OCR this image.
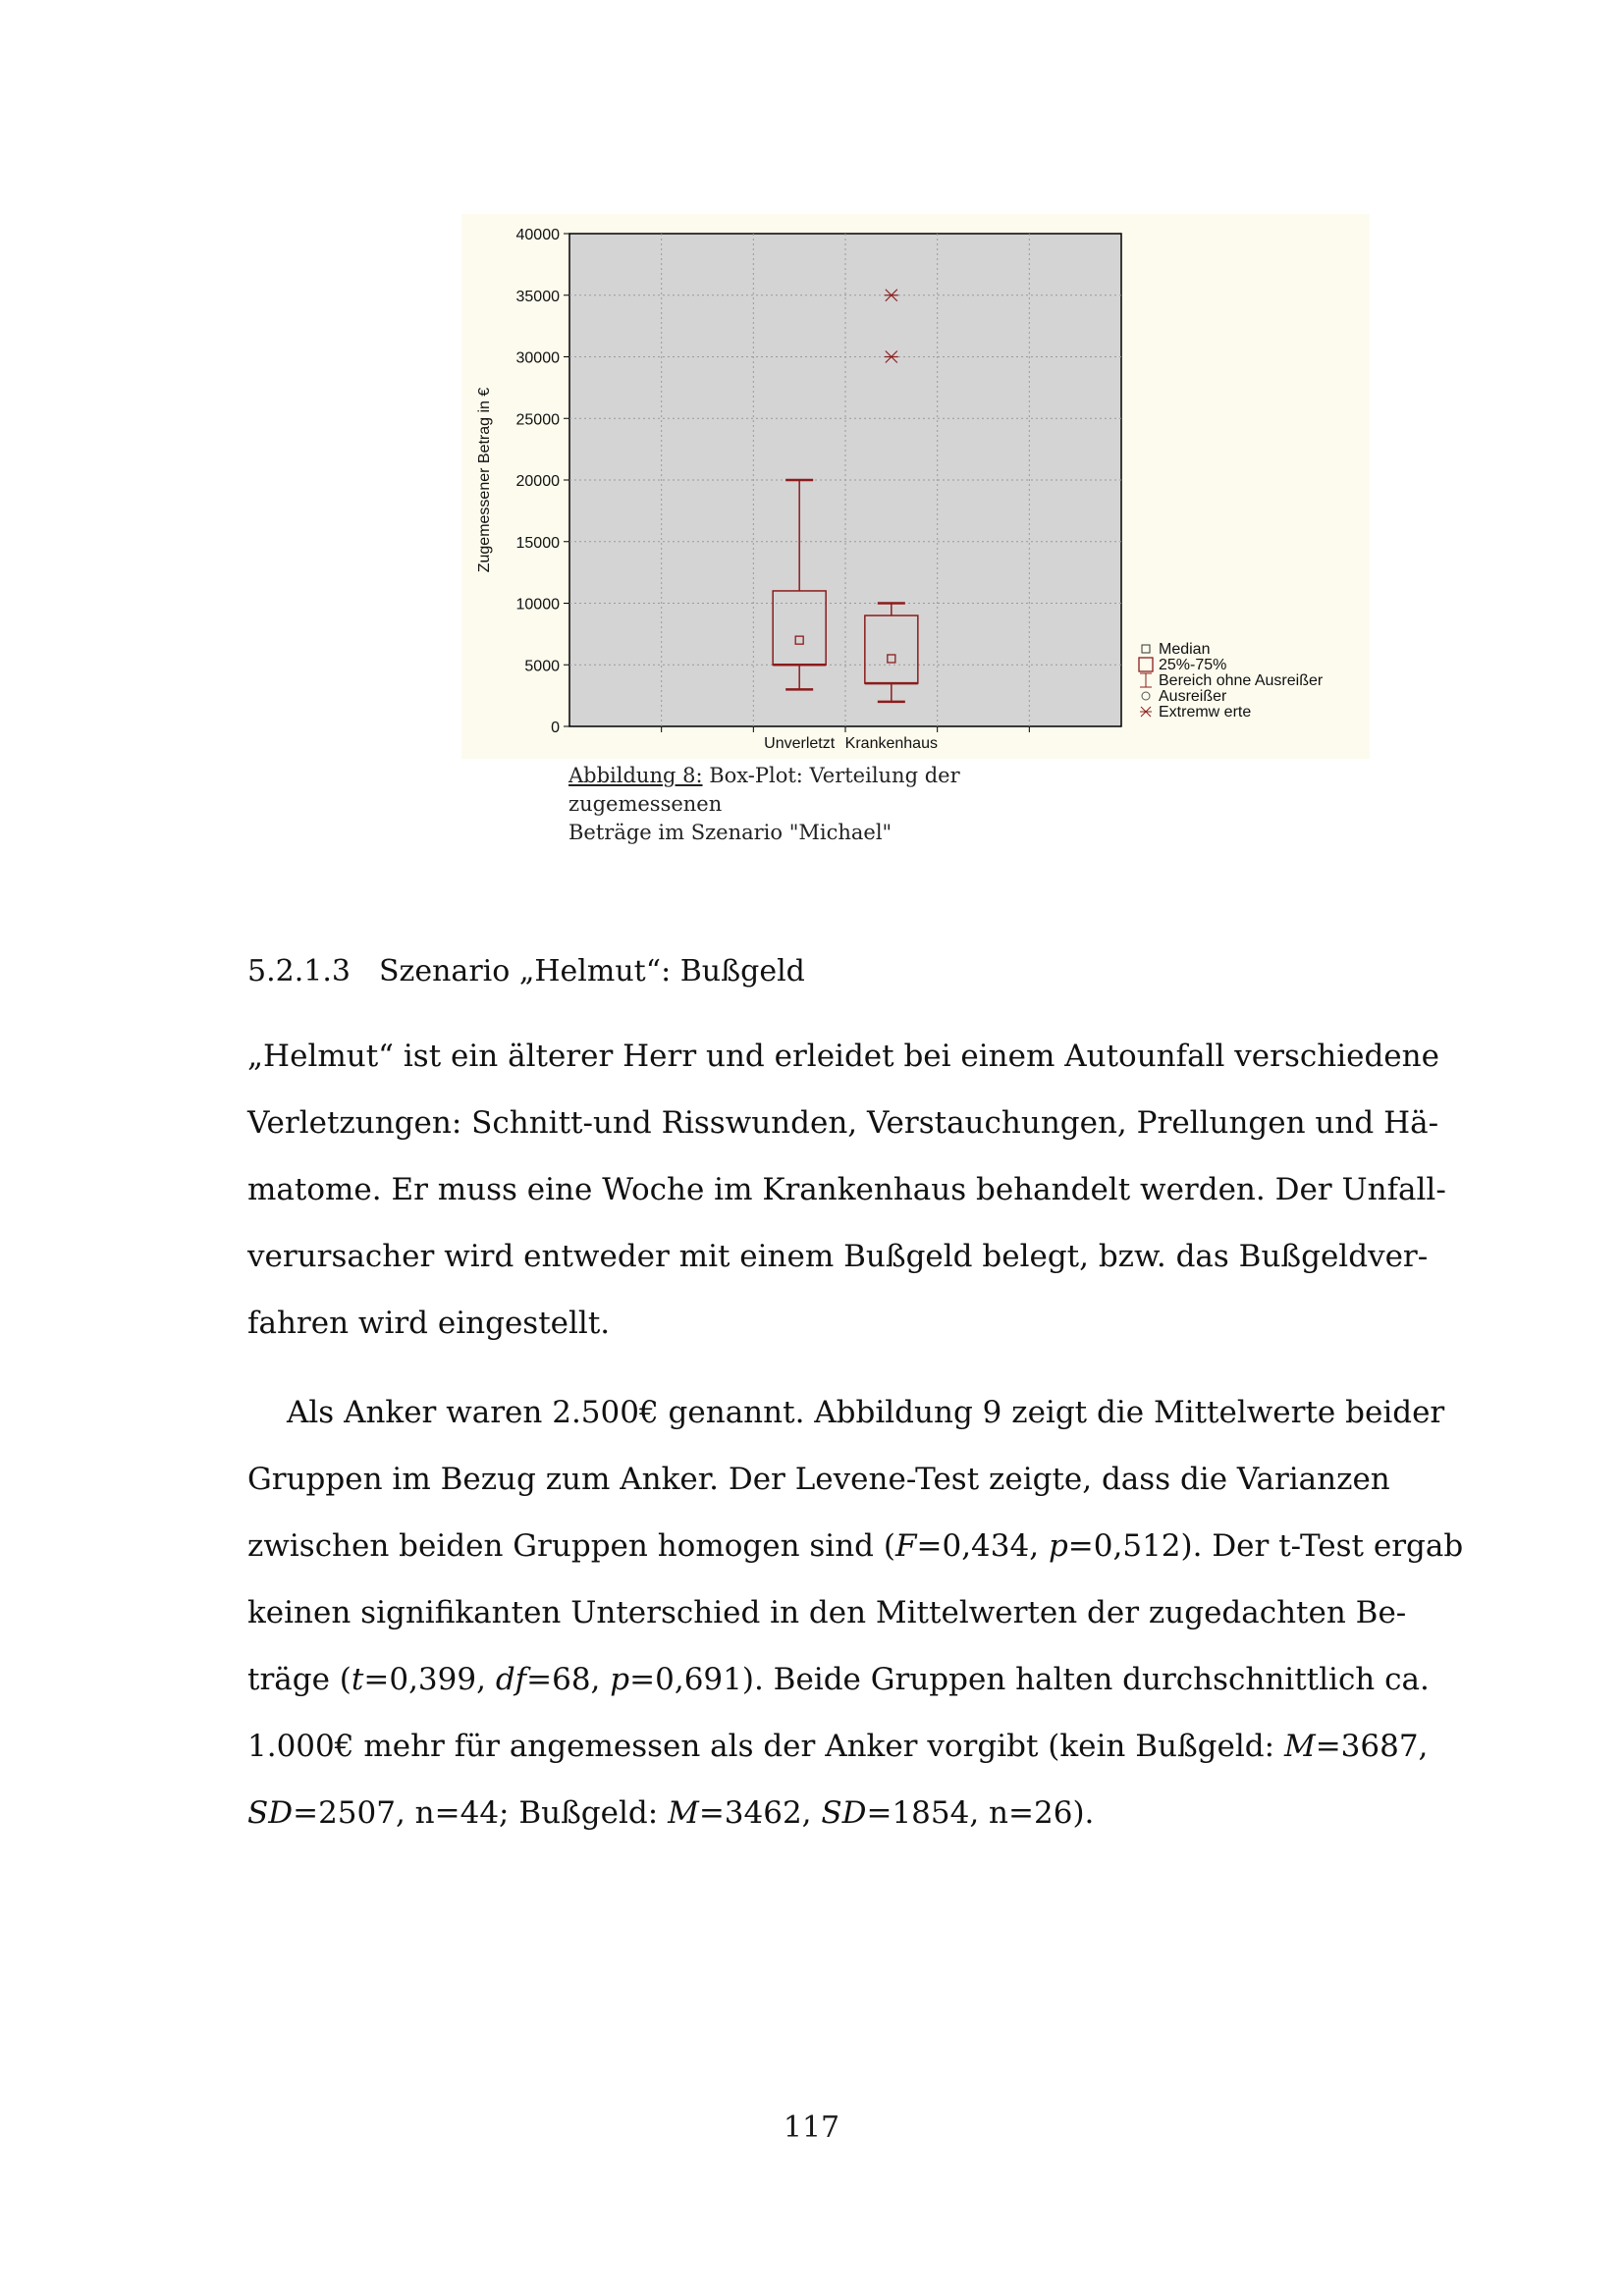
0
5000
10000
15000
20000
25000
30000
35000
40000
Zugemessener Betrag in €
Unverletzt Krankenhaus
Median
25%-75%
Bereich ohne Ausreißer
Ausreißer
Extremw erte
Abbildung 8: Box-Plot: Verteilung der zugemessenen
Beträge im Szenario "Michael"
5.2.1.3 Szenario „Helmut“: Bußgeld
„Helmut“ ist ein älterer Herr und erleidet bei einem Autounfall verschiedene
Verletzungen: Schnitt-und Risswunden, Verstauchungen, Prellungen und Hä-
matome. Er muss eine Woche im Krankenhaus behandelt werden. Der Unfall-
verursacher wird entweder mit einem Bußgeld belegt, bzw. das Bußgeldver-
fahren wird eingestellt.
Als Anker waren 2.500€ genannt. Abbildung 9 zeigt die Mittelwerte beider
Gruppen im Bezug zum Anker. Der Levene-Test zeigte, dass die Varianzen
zwischen beiden Gruppen homogen sind (F=0,434, p=0,512). Der t-Test ergab
keinen signifikanten Unterschied in den Mittelwerten der zugedachten Be-
träge (t=0,399, df=68, p=0,691). Beide Gruppen halten durchschnittlich ca.
1.000€ mehr für angemessen als der Anker vorgibt (kein Bußgeld: M=3687,
SD=2507, n=44; Bußgeld: M=3462, SD=1854, n=26).
117
